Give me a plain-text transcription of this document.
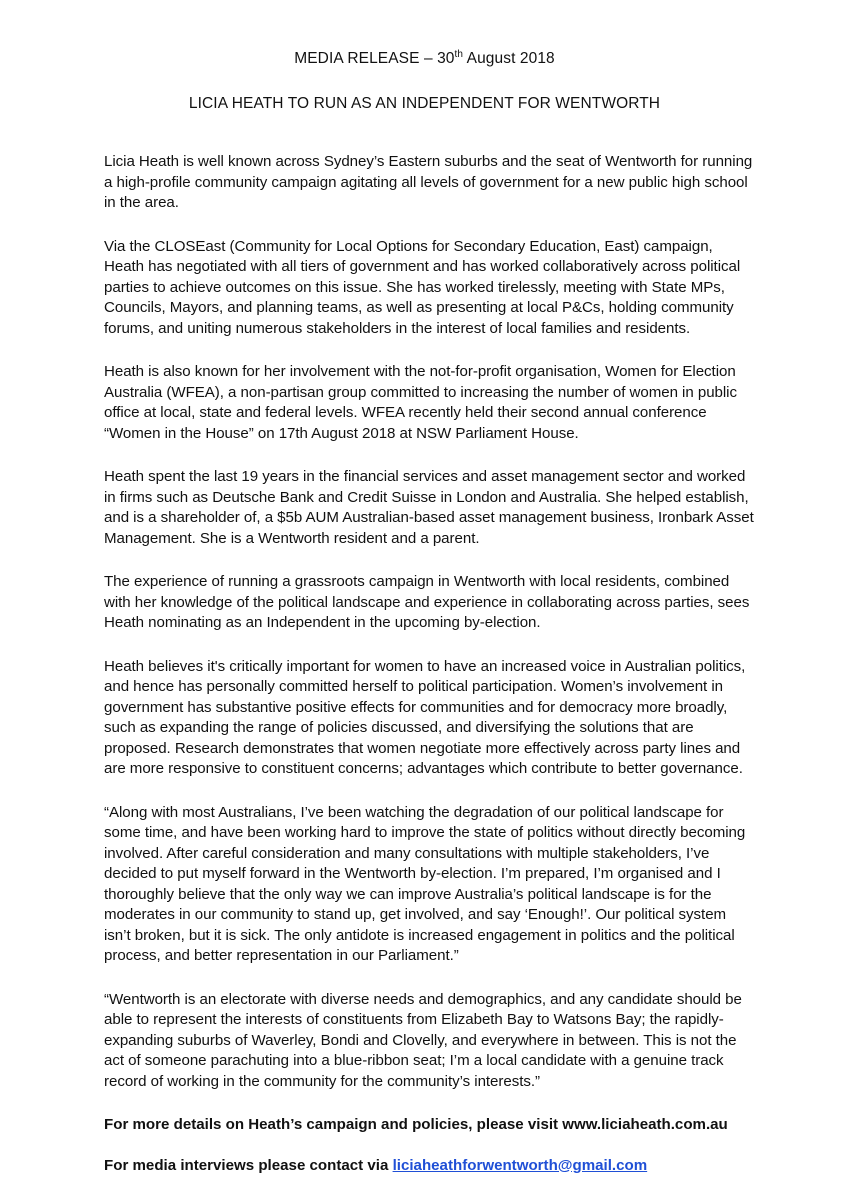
MEDIA RELEASE – 30th August 2018
LICIA HEATH TO RUN AS AN INDEPENDENT FOR WENTWORTH

Licia Heath is well known across Sydney’s Eastern suburbs and the seat of Wentworth for running a high-profile community campaign agitating all levels of government for a new public high school in the area.

Via the CLOSEast (Community for Local Options for Secondary Education, East) campaign, Heath has negotiated with all tiers of government and has worked collaboratively across political parties to achieve outcomes on this issue. She has worked tirelessly, meeting with State MPs, Councils, Mayors, and planning teams, as well as presenting at local P&Cs, holding community forums, and uniting numerous stakeholders in the interest of local families and residents.

Heath is also known for her involvement with the not-for-profit organisation, Women for Election Australia (WFEA), a non-partisan group committed to increasing the number of women in public office at local, state and federal levels. WFEA recently held their second annual conference “Women in the House” on 17th August 2018 at NSW Parliament House.

Heath spent the last 19 years in the financial services and asset management sector and worked in firms such as Deutsche Bank and Credit Suisse in London and Australia. She helped establish, and is a shareholder of, a $5b AUM Australian-based asset management business, Ironbark Asset Management. She is a Wentworth resident and a parent.

The experience of running a grassroots campaign in Wentworth with local residents, combined with her knowledge of the political landscape and experience in collaborating across parties, sees Heath nominating as an Independent in the upcoming by-election.

Heath believes it's critically important for women to have an increased voice in Australian politics, and hence has personally committed herself to political participation. Women’s involvement in government has substantive positive effects for communities and for democracy more broadly, such as expanding the range of policies discussed, and diversifying the solutions that are proposed. Research demonstrates that women negotiate more effectively across party lines and are more responsive to constituent concerns; advantages which contribute to better governance.

“Along with most Australians, I’ve been watching the degradation of our political landscape for some time, and have been working hard to improve the state of politics without directly becoming involved. After careful consideration and many consultations with multiple stakeholders, I’ve decided to put myself forward in the Wentworth by-election. I’m prepared, I’m organised and I thoroughly believe that the only way we can improve Australia’s political landscape is for the moderates in our community to stand up, get involved, and say ‘Enough!’. Our political system isn’t broken, but it is sick. The only antidote is increased engagement in politics and the political process, and better representation in our Parliament.”

“Wentworth is an electorate with diverse needs and demographics, and any candidate should be able to represent the interests of constituents from Elizabeth Bay to Watsons Bay; the rapidly-expanding suburbs of Waverley, Bondi and Clovelly, and everywhere in between. This is not the act of someone parachuting into a blue-ribbon seat; I’m a local candidate with a genuine track record of working in the community for the community’s interests.”

For more details on Heath’s campaign and policies, please visit www.liciaheath.com.au

For media interviews please contact via liciaheathforwentworth@gmail.com
